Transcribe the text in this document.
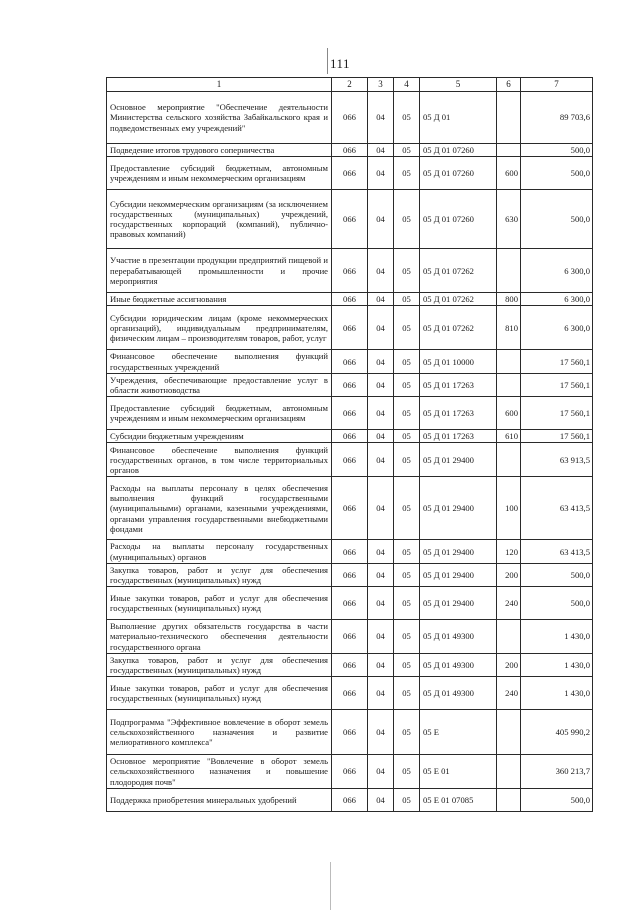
111
1	2	3	4	5	6	7
Основное мероприятие "Обеспечение деятельности Министерства сельского хозяйства Забайкальского края и подведомственных ему учреждений"	066	04	05	05 Д 01		89 703,6
Подведение итогов трудового соперничества	066	04	05	05 Д 01 07260		500,0
Предоставление субсидий бюджетным, автономным учреждениям и иным некоммерческим организациям	066	04	05	05 Д 01 07260	600	500,0
Субсидии некоммерческим организациям (за исключением государственных (муниципальных) учреждений, государственных корпораций (компаний), публично-правовых компаний)	066	04	05	05 Д 01 07260	630	500,0
Участие в презентации продукции предприятий пищевой и перерабатывающей промышленности и прочие мероприятия	066	04	05	05 Д 01 07262		6 300,0
Иные бюджетные ассигнования	066	04	05	05 Д 01 07262	800	6 300,0
Субсидии юридическим лицам (кроме некоммерческих организаций), индивидуальным предпринимателям, физическим лицам – производителям товаров, работ, услуг	066	04	05	05 Д 01 07262	810	6 300,0
Финансовое обеспечение выполнения функций государственных учреждений	066	04	05	05 Д 01 10000		17 560,1
Учреждения, обеспечивающие предоставление услуг в области животноводства	066	04	05	05 Д 01 17263		17 560,1
Предоставление субсидий бюджетным, автономным учреждениям и иным некоммерческим организациям	066	04	05	05 Д 01 17263	600	17 560,1
Субсидии бюджетным учреждениям	066	04	05	05 Д 01 17263	610	17 560,1
Финансовое обеспечение выполнения функций государственных органов, в том числе территориальных органов	066	04	05	05 Д 01 29400		63 913,5
Расходы на выплаты персоналу в целях обеспечения выполнения функций государственными (муниципальными) органами, казенными учреждениями, органами управления государственными внебюджетными фондами	066	04	05	05 Д 01 29400	100	63 413,5
Расходы на выплаты персоналу государственных (муниципальных) органов	066	04	05	05 Д 01 29400	120	63 413,5
Закупка товаров, работ и услуг для обеспечения государственных (муниципальных) нужд	066	04	05	05 Д 01 29400	200	500,0
Иные закупки товаров, работ и услуг для обеспечения государственных (муниципальных) нужд	066	04	05	05 Д 01 29400	240	500,0
Выполнение других обязательств государства в части материально-технического обеспечения деятельности государственного органа	066	04	05	05 Д 01 49300		1 430,0
Закупка товаров, работ и услуг для обеспечения государственных (муниципальных) нужд	066	04	05	05 Д 01 49300	200	1 430,0
Иные закупки товаров, работ и услуг для обеспечения государственных (муниципальных) нужд	066	04	05	05 Д 01 49300	240	1 430,0
Подпрограмма "Эффективное вовлечение в оборот земель сельскохозяйственного назначения и развитие мелиоративного комплекса"	066	04	05	05 Е		405 990,2
Основное мероприятие "Вовлечение в оборот земель сельскохозяйственного назначения и повышение плодородия почв"	066	04	05	05 Е 01		360 213,7
Поддержка приобретения минеральных удобрений	066	04	05	05 Е 01 07085		500,0
